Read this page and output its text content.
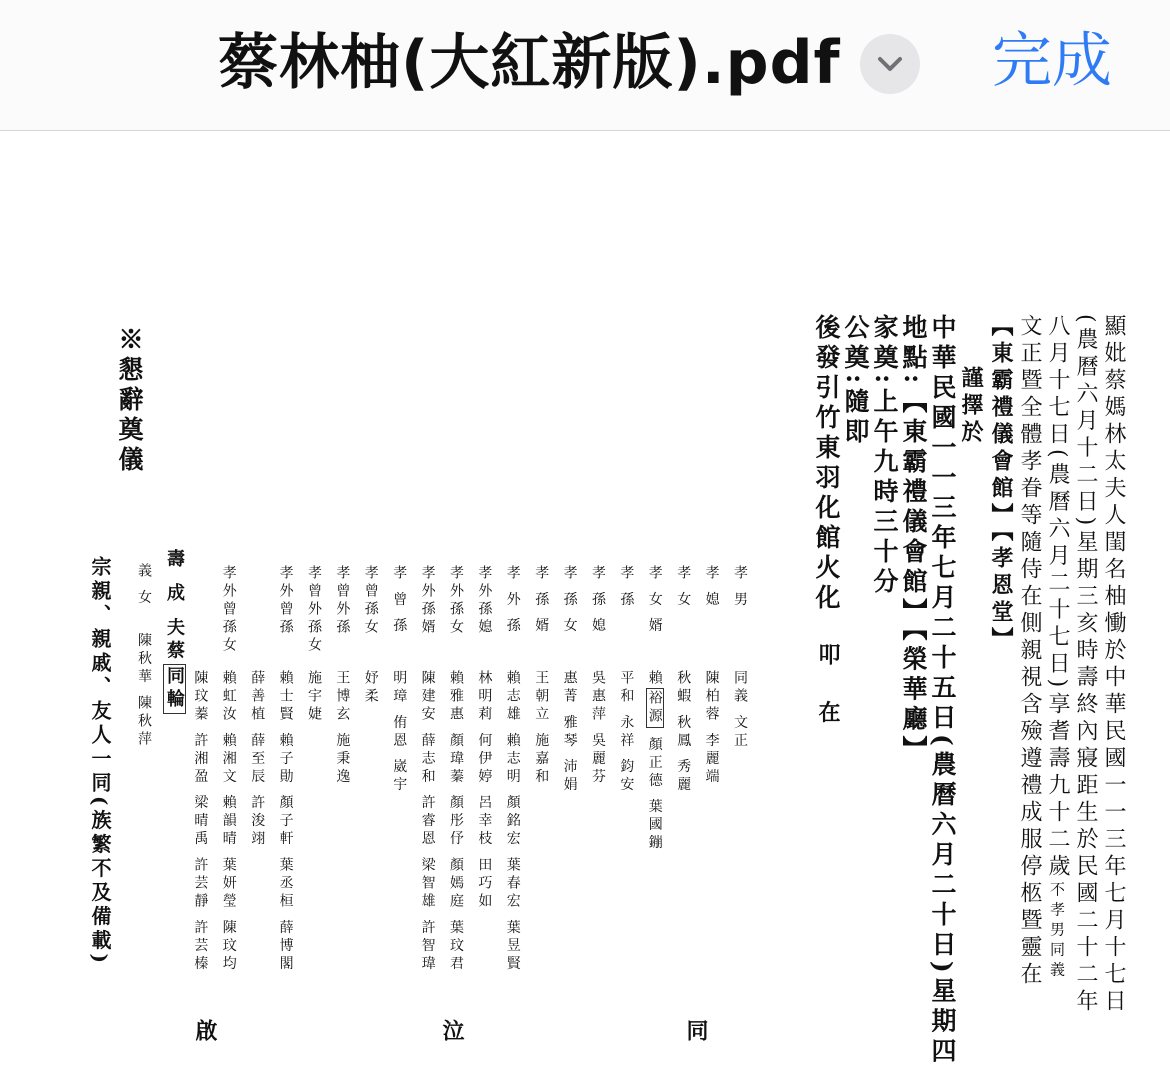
蔡林柚(大紅新版).pdf	完成
顯妣蔡媽林太夫人閨名柚慟於中華民國一一三年七月十七日
(農曆六月十二日)星期三亥時壽終內寢距生於民國二十二年
八月十七日(農曆六月二十七日)享耆壽九十二歲不孝男同義
文正暨全體孝眷等隨侍在側親視含殮遵禮成服停柩暨靈在
【東霸禮儀會館】【孝恩堂】
謹擇於
中華民國一一三年七月二十五日(農曆六月二十日)星期四
地點:【東霸禮儀會館】【榮華廳】
家奠:上午九時三十分
公奠:隨即
後發引竹東羽化館火化
叩 在
※懇辭奠儀
孝 男同義 文正
孝 媳陳柏蓉 李麗端
孝 女秋蝦 秋鳳 秀麗
孝 女 婿賴裕源 顏正德 葉國鏰
孝 孫平和 永祥 鈞安
孝 孫 媳吳惠萍 吳麗芬
孝 孫 女惠菁 雅琴 沛娟
孝 孫 婿王朝立 施嘉和
孝 外 孫賴志雄 賴志明 顏銘宏 葉春宏 葉昱賢
孝外孫媳林明莉 何伊婷 呂幸枝 田巧如
孝外孫女賴雅惠 顏瑋蓁 顏彤伃 顏嫣庭 葉玟君
孝外孫婿陳建安 薛志和 許睿恩 梁智雄 許智瑋
孝 曾 孫明璋 侑恩 崴宇
孝曾孫女妤柔
孝曾外孫王博玄 施秉逸
孝曾外孫女施宇婕
孝外曾孫賴士賢 賴子勛 顏子軒 葉丞桓 薛博閣
薛善植 薛至辰 許浚翊
孝外曾孫女賴虹汝 賴湘文 賴韻晴 葉妍瑩 陳玟均
陳玟蓁 許湘盈 梁晴禹 許芸靜 許芸榛
壽 成 夫蔡同輪
義 女   陳秋華 陳秋萍
宗親、親戚、友人一同(族繁不及備載)
同
泣
啟
